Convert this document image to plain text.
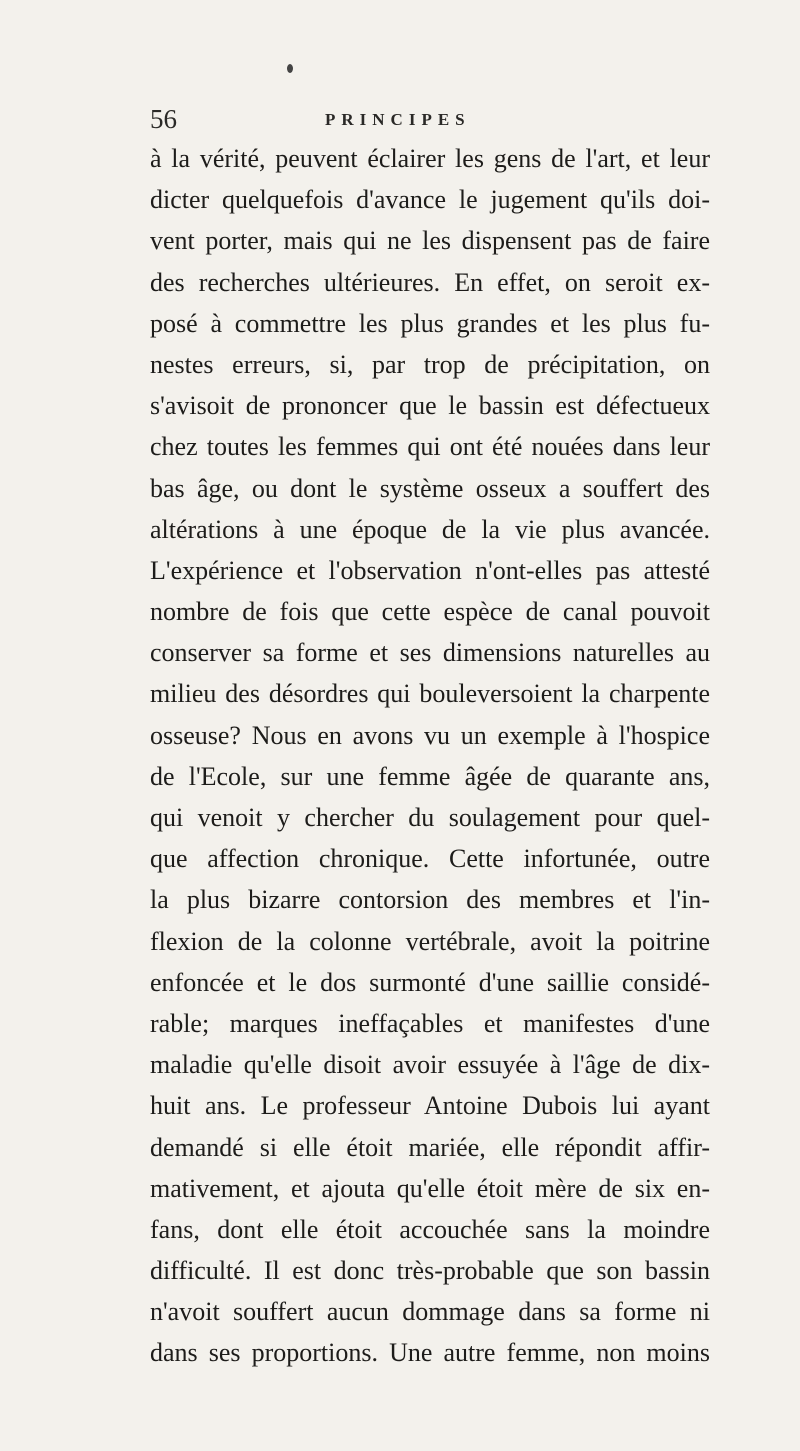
56	PRINCIPES
à la vérité, peuvent éclairer les gens de l'art, et leur
dicter quelquefois d'avance le jugement qu'ils doi-
vent porter, mais qui ne les dispensent pas de faire
des recherches ultérieures. En effet, on seroit ex-
posé à commettre les plus grandes et les plus fu-
nestes erreurs, si, par trop de précipitation, on
s'avisoit de prononcer que le bassin est défectueux
chez toutes les femmes qui ont été nouées dans leur
bas âge, ou dont le système osseux a souffert des
altérations à une époque de la vie plus avancée.
L'expérience et l'observation n'ont-elles pas attesté
nombre de fois que cette espèce de canal pouvoit
conserver sa forme et ses dimensions naturelles au
milieu des désordres qui bouleversoient la charpente
osseuse? Nous en avons vu un exemple à l'hospice
de l'Ecole, sur une femme âgée de quarante ans,
qui venoit y chercher du soulagement pour quel-
que affection chronique. Cette infortunée, outre
la plus bizarre contorsion des membres et l'in-
flexion de la colonne vertébrale, avoit la poitrine
enfoncée et le dos surmonté d'une saillie considé-
rable; marques ineffaçables et manifestes d'une
maladie qu'elle disoit avoir essuyée à l'âge de dix-
huit ans. Le professeur Antoine Dubois lui ayant
demandé si elle étoit mariée, elle répondit affir-
mativement, et ajouta qu'elle étoit mère de six en-
fans, dont elle étoit accouchée sans la moindre
difficulté. Il est donc très-probable que son bassin
n'avoit souffert aucun dommage dans sa forme ni
dans ses proportions. Une autre femme, non moins
